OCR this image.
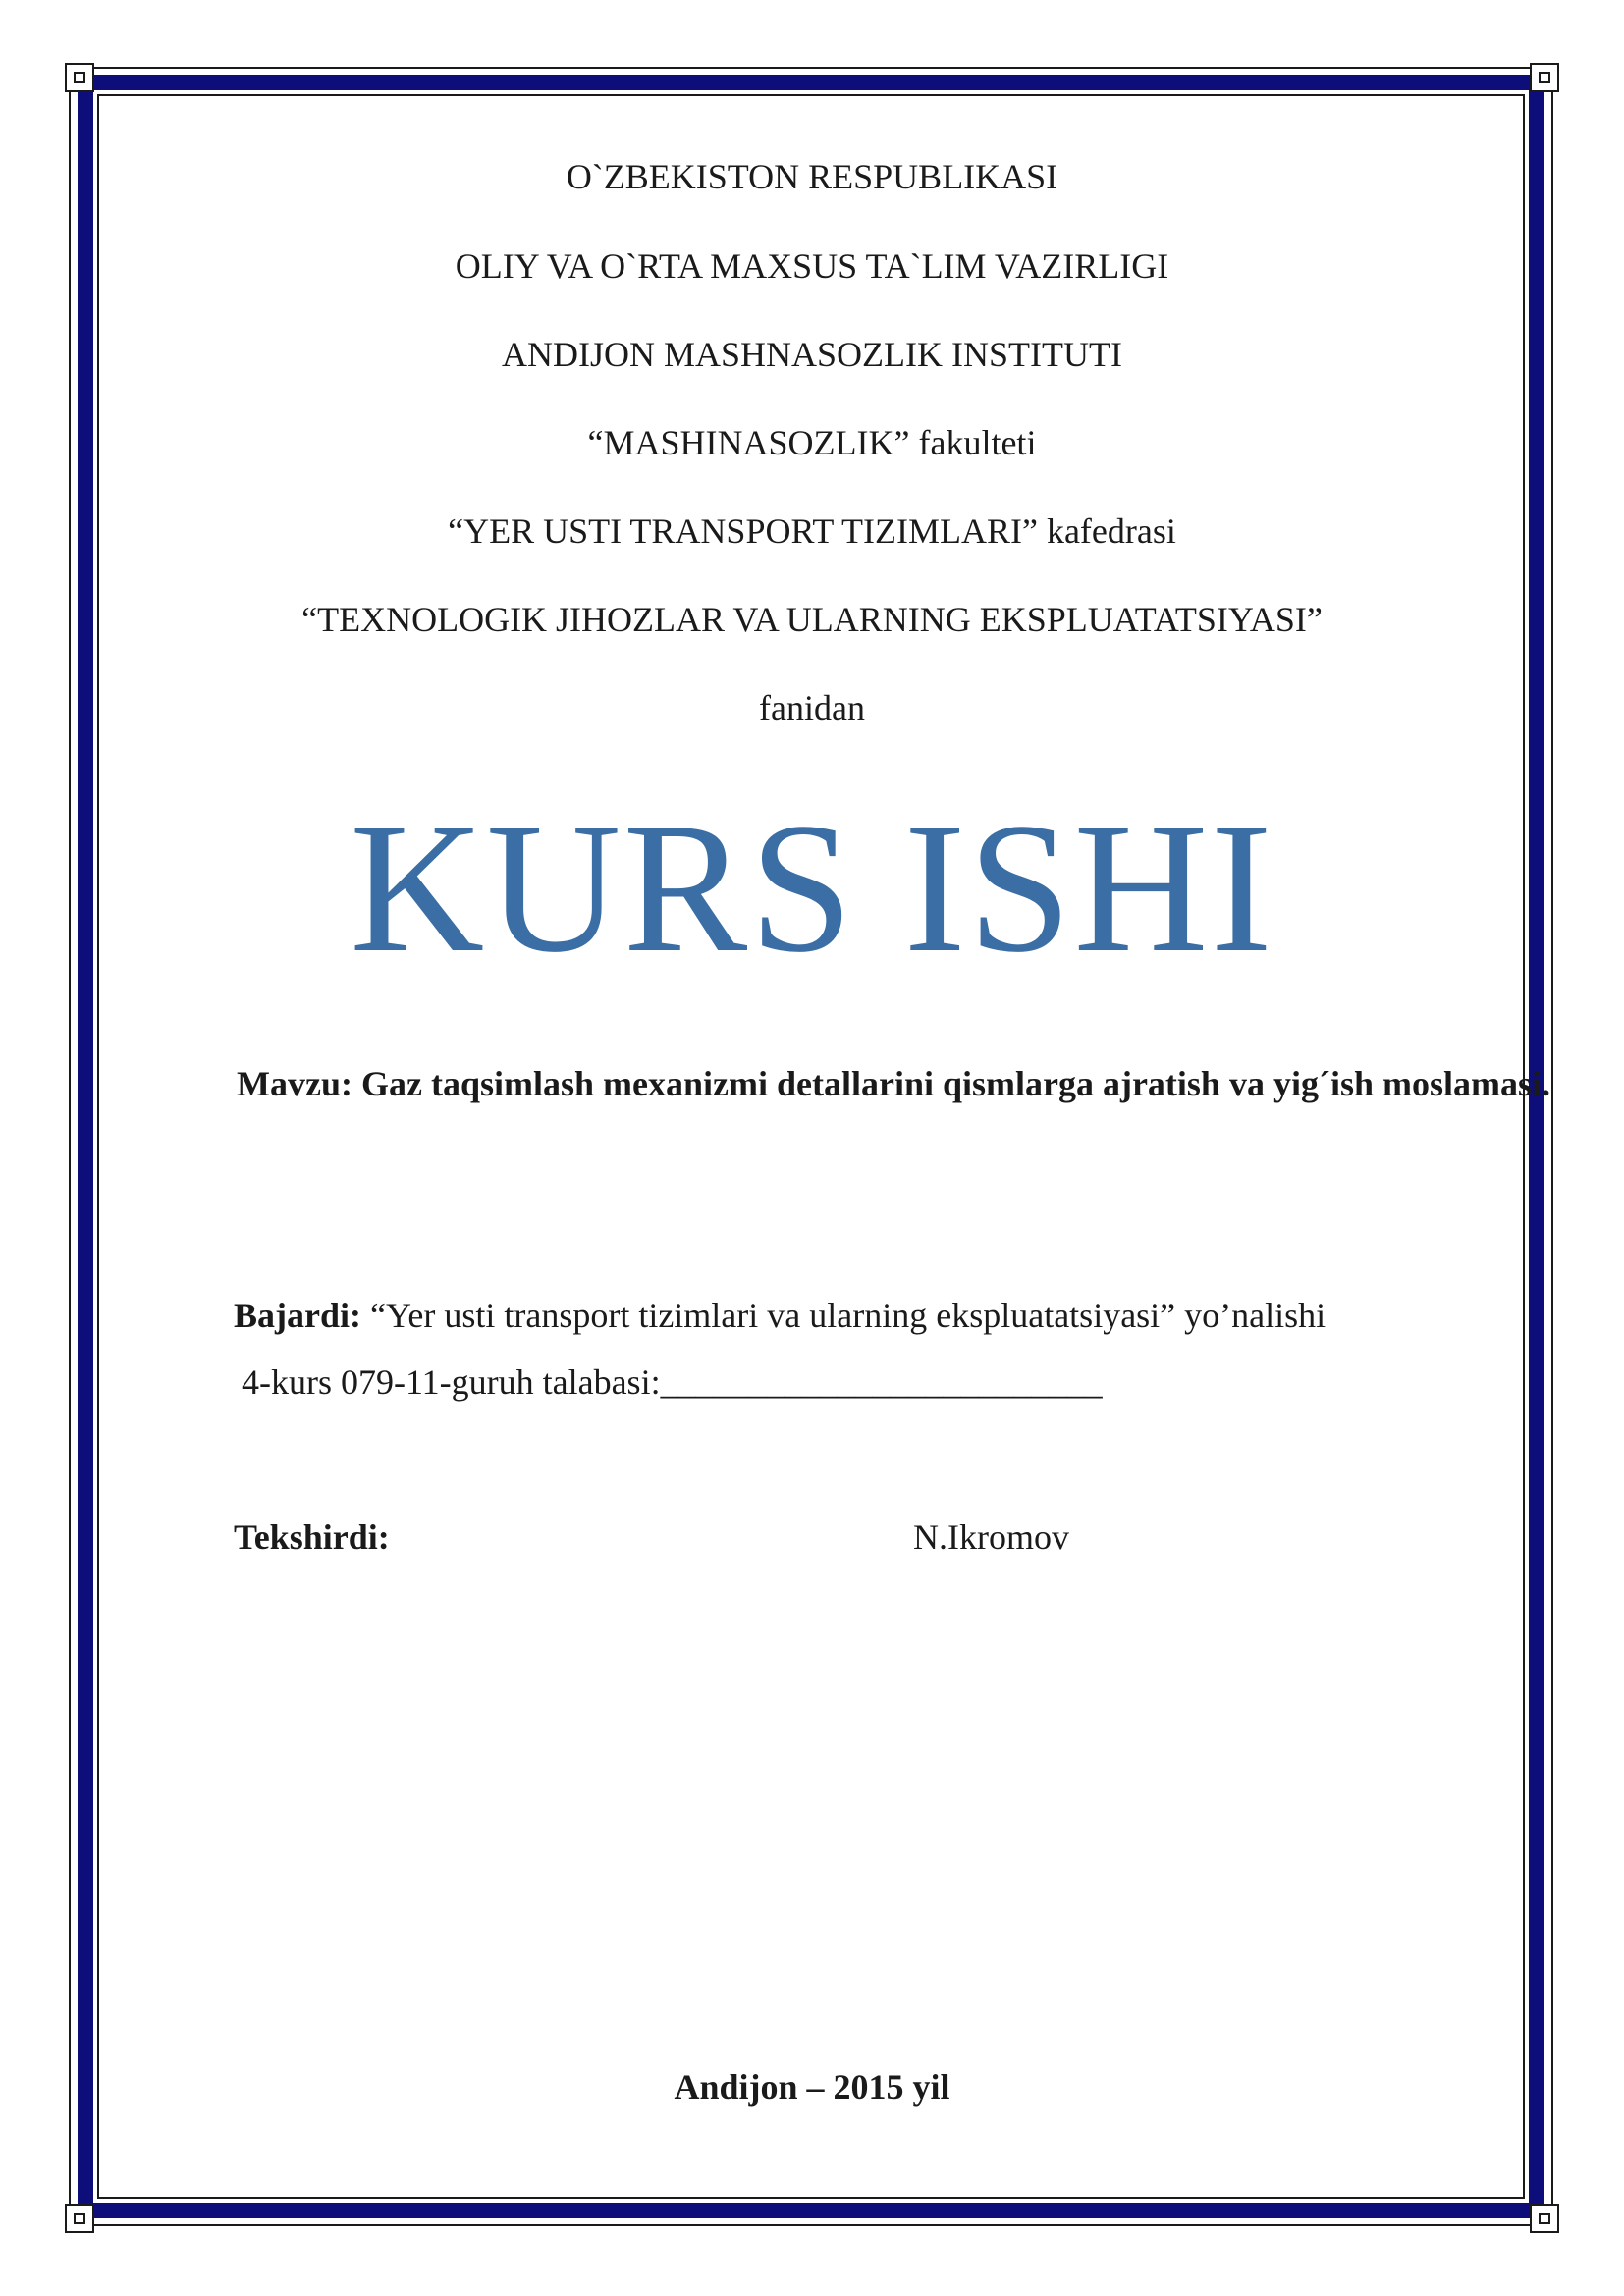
O`ZBEKISTON RESPUBLIKASI
OLIY VA O`RTA MAXSUS TA`LIM VAZIRLIGI
ANDIJON MASHNASOZLIK INSTITUTI
“MASHINASOZLIK” fakulteti
“YER USTI TRANSPORT TIZIMLARI” kafedrasi
“TEXNOLOGIK JIHOZLAR VA ULARNING EKSPLUATATSIYASI”
fanidan
KURS ISHI
Mavzu: Gaz taqsimlash mexanizmi detallarini qismlarga ajratish va yig´ish moslamasi.
Bajardi: “Yer usti transport tizimlari va ularning ekspluatatsiyasi” yo’nalishi
4-kurs 079-11-guruh talabasi:_________________________
Tekshirdi:	N.Ikromov
Andijon – 2015 yil
